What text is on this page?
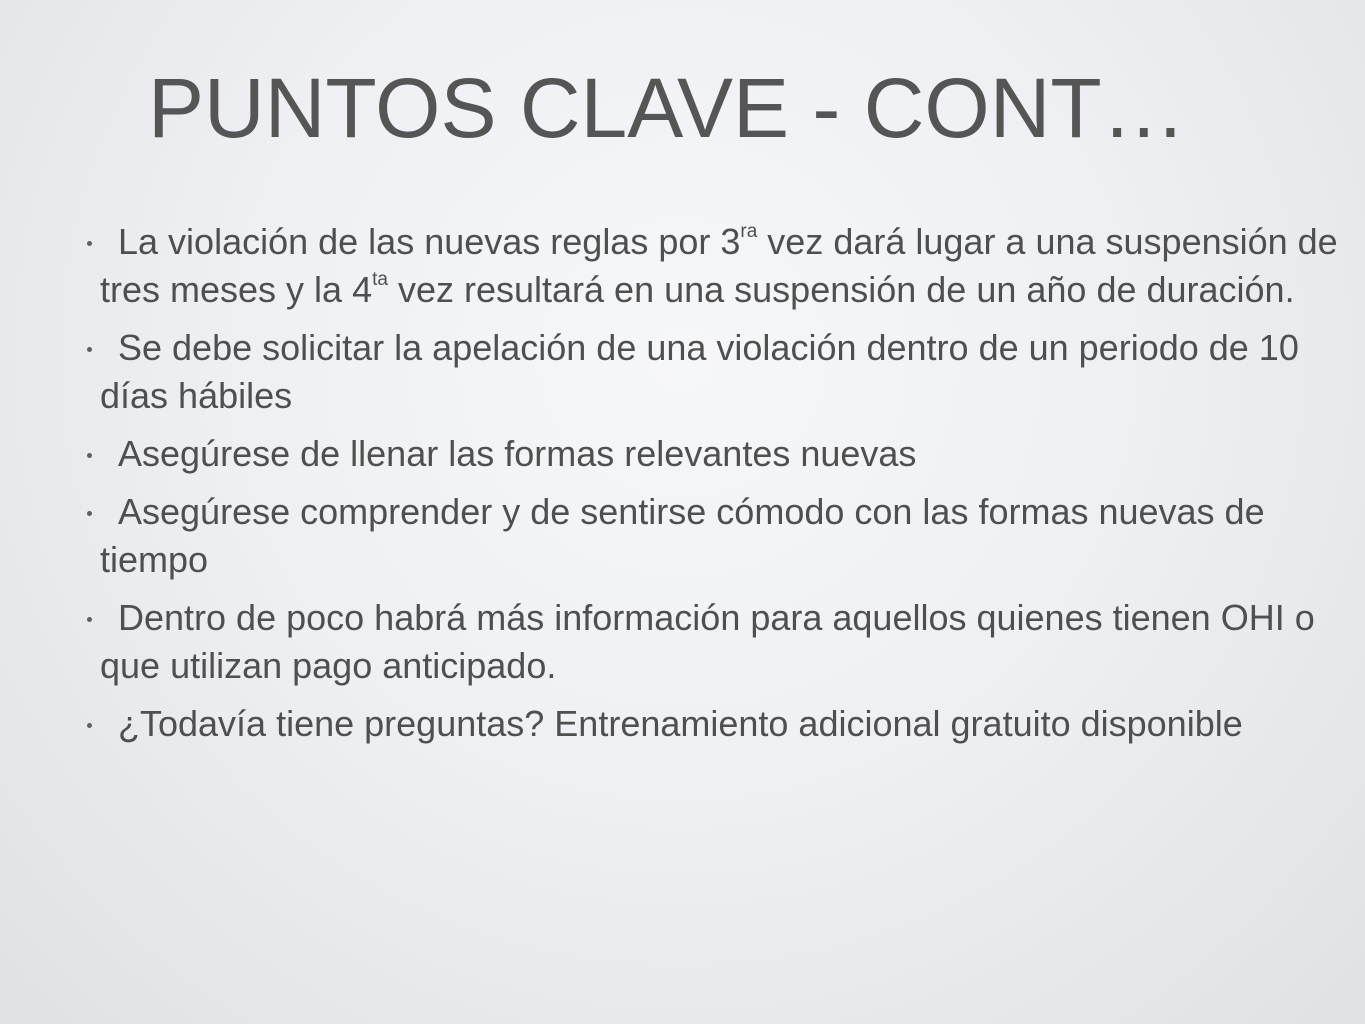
PUNTOS CLAVE - CONT…
La violación de las nuevas reglas por $3^{ra}$ vez dará lugar a una suspensión de tres meses y la $4^{ta}$ vez resultará en una suspensión de un año de duración.
Se debe solicitar la apelación de una violación dentro de un periodo de 10 días hábiles
Asegúrese de llenar las formas relevantes nuevas
Asegúrese comprender y de sentirse cómodo con las formas nuevas de tiempo
Dentro de poco habrá más información para aquellos quienes tienen OHI o que utilizan pago anticipado.
¿Todavía tiene preguntas? Entrenamiento adicional gratuito disponible
